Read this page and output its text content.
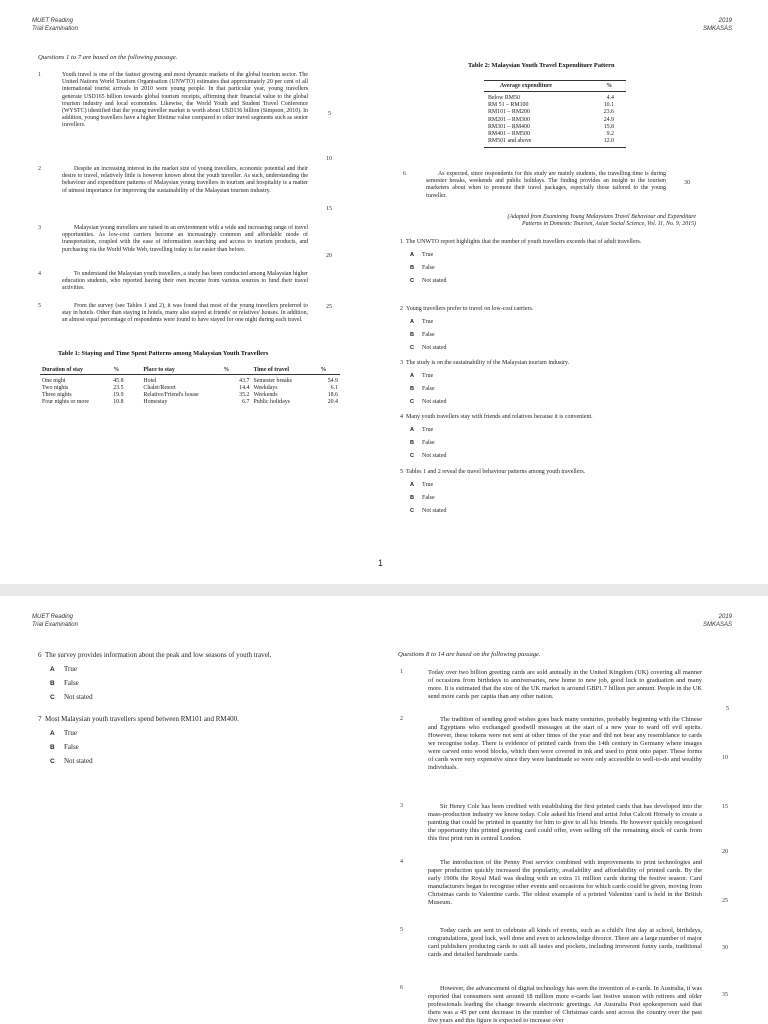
MUET Reading
Trial Examination
2019
SMKASAS
Questions 1 to 7 are based on the following passage.
1
2
3
4
5
Youth travel is one of the fastest growing and most dynamic markets of the global tourism sector. The United Nations World Tourism Organisation (UNWTO) estimates that approximately 20 per cent of all international tourist arrivals in 2010 were young people. In that particular year, young travellers generate USD165 billion towards global tourism receipts, affirming their financial value to the global tourism industry and local economies. Likewise, the World Youth and Student Travel Conference (WYSTC) identified that the young traveller market is worth about USD136 billion (Simpson, 2010). In addition, young travellers have a higher lifetime value compared to other travel segments such as senior travellers.
Despite an increasing interest in the market size of young travellers, economic potential and their desire to travel, relatively little is however known about the youth traveller. As such, understanding the behaviour and expenditure patterns of Malaysian young travellers in tourism and hospitality is a matter of utmost importance for improving the sustainability of the Malaysian tourism industry.
Malaysian young travellers are raised in an environment with a wide and increasing range of travel opportunities. As low-cost carriers become an increasingly common and affordable mode of transportation, coupled with the ease of information searching and access to tourism products, and purchasing via the World Wide Web, travelling today is far easier than before.
To understand the Malaysian youth travellers, a study has been conducted among Malaysian higher education students, who reported having their own income from various sources to fund their travel activities.
From the survey (see Tables 1 and 2), it was found that most of the young travellers preferred to stay in hotels. Other than staying in hotels, many also stayed at friends' or relatives' houses. In addition, an almost equal percentage of respondents were found to have stayed for one night during each travel.
5
10
15
20
25
Table 1: Staying and Time Spent Patterns among Malaysian Youth Travellers
Duration of stay	%	Place to stay	%	Time of travel	%
One night	45.8	Hotel	43.7	Semester breaks	54.9
Two nights	23.5	Chalet/Resort	14.4	Weekdays	6.1
Three nights	19.9	Relative/Friend's house	35.2	Weekends	18.6
Four nights or more	10.8	Homestay	6.7	Public holidays	20.4
Table 2: Malaysian Youth Travel Expenditure Pattern
Average expenditure	%
Below RM50	4.4
RM 51 – RM100	10.1
RM101 – RM200	23.6
RM201 – RM300	24.9
RM301 – RM400	15.8
RM401 – RM500	9.2
RM501 and above	12.0
6	As expected, since respondents for this study are mainly students, the travelling time is during semester breaks, weekends and public holidays. The finding provides an insight to the tourism marketers about when to promote their travel packages, especially those tailored to the young traveller.
30
(Adapted from Examining Young Malaysians Travel Behaviour and Expenditure
Patterns in Domestic Tourism, Asian Social Science, Vol. 11, No. 9; 2015)
1 The UNWTO report highlights that the number of youth travellers exceeds that of adult travellers.
A True
B False
C Not stated
2 Young travellers prefer to travel on low-cost carriers.
A True
B False
C Not stated
3 The study is on the sustainability of the Malaysian tourism industry.
A True
B False
C Not stated
4 Many youth travellers stay with friends and relatives because it is convenient.
A True
B False
C Not stated
5 Tables 1 and 2 reveal the travel behaviour patterns among youth travellers.
A True
B False
C Not stated
1
MUET Reading
Trial Examination
2019
SMKASAS
6 The survey provides information about the peak and low seasons of youth travel.
A True
B False
C Not stated
7 Most Malaysian youth travellers spend between RM101 and RM400.
A True
B False
C Not stated
Questions 8 to 14 are based on the following passage.
1
2
3
4
5
6
Today over two billion greeting cards are sold annually in the United Kingdom (UK) covering all manner of occasions from birthdays to anniversaries, new home to new job, good luck to graduation and many more. It is estimated that the size of the UK market is around GBP1.7 billion per annum. People in the UK send more cards per capita than any other nation.
The tradition of sending good wishes goes back many centuries, probably beginning with the Chinese and Egyptians who exchanged goodwill messages at the start of a new year to ward off evil spirits. However, these tokens were not sent at other times of the year and did not bear any resemblance to cards we recognise today. There is evidence of printed cards from the 14th century in Germany where images were carved onto wood blocks, which then were covered in ink and used to print onto paper. These forms of cards were very expensive since they were handmade so were only accessible to well-to-do and wealthy individuals.
Sir Henry Cole has been credited with establishing the first printed cards that has developed into the mass-production industry we know today. Cole asked his friend and artist John Calcott Horsely to create a painting that could be printed in quantity for him to give to all his friends. He however quickly recognised the opportunity this printed greeting card could offer, even selling off the remaining stock of cards from this first print run in central London.
The introduction of the Penny Post service combined with improvements to print technologies and paper production quickly increased the popularity, availability and affordability of printed cards. By the early 1900s the Royal Mail was dealing with an extra 11 million cards during the festive season. Card manufacturers began to recognise other events and occasions for which cards could be given, moving from Christmas cards to Valentine cards. The oldest example of a printed Valentine card is held in the British Museum.
Today cards are sent to celebrate all kinds of events, such as a child's first day at school, birthdays, congratulations, good luck, well done and even to acknowledge divorce. There are a large number of major card publishers producing cards to suit all tastes and pockets, including irreverent funny cards, traditional cards and detailed handmade cards.
However, the advancement of digital technology has seen the invention of e-cards. In Australia, it was reported that consumers sent around 18 million more e-cards last festive season with retirees and older professionals leading the change towards electronic greetings. An Australia Post spokesperson said that there was a 45 per cent decrease in the number of Christmas cards sent across the country over the past five years and this figure is expected to increase over
5
10
15
20
25
30
35
